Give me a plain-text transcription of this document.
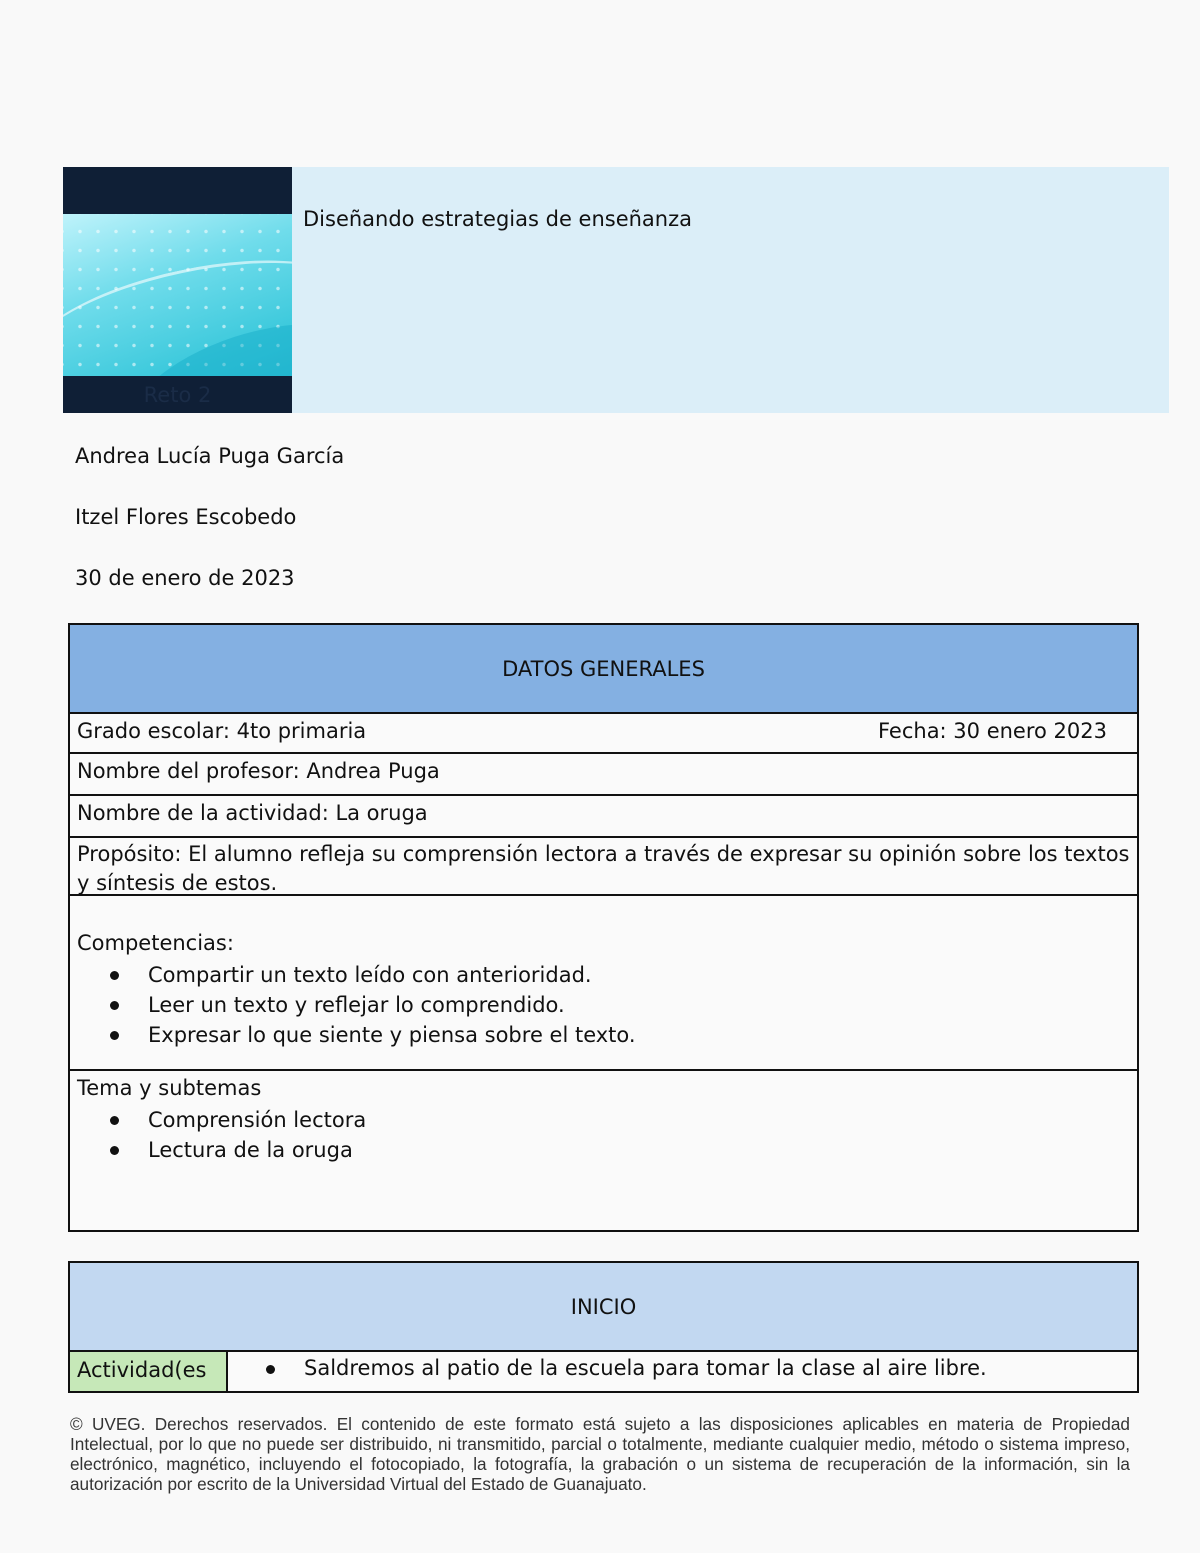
Reto 2
Diseñando estrategias de enseñanza
Andrea Lucía Puga García
Itzel Flores Escobedo
30 de enero de 2023
DATOS GENERALES
Grado escolar: 4to primaria	Fecha: 30 enero 2023
Nombre del profesor: Andrea Puga
Nombre de la actividad: La oruga
Propósito: El alumno refleja su comprensión lectora a través de expresar su opinión sobre los textos y síntesis de estos.
Competencias:
Compartir un texto leído con anterioridad.
Leer un texto y reflejar lo comprendido.
Expresar lo que siente y piensa sobre el texto.
Tema y subtemas
Comprensión lectora
Lectura de la oruga
INICIO
Actividad(es	Saldremos al patio de la escuela para tomar la clase al aire libre.
© UVEG. Derechos reservados. El contenido de este formato está sujeto a las disposiciones aplicables en materia de Propiedad Intelectual, por lo que no puede ser distribuido, ni transmitido, parcial o totalmente, mediante cualquier medio, método o sistema impreso, electrónico, magnético, incluyendo el fotocopiado, la fotografía, la grabación o un sistema de recuperación de la información, sin la autorización por escrito de la Universidad Virtual del Estado de Guanajuato.
